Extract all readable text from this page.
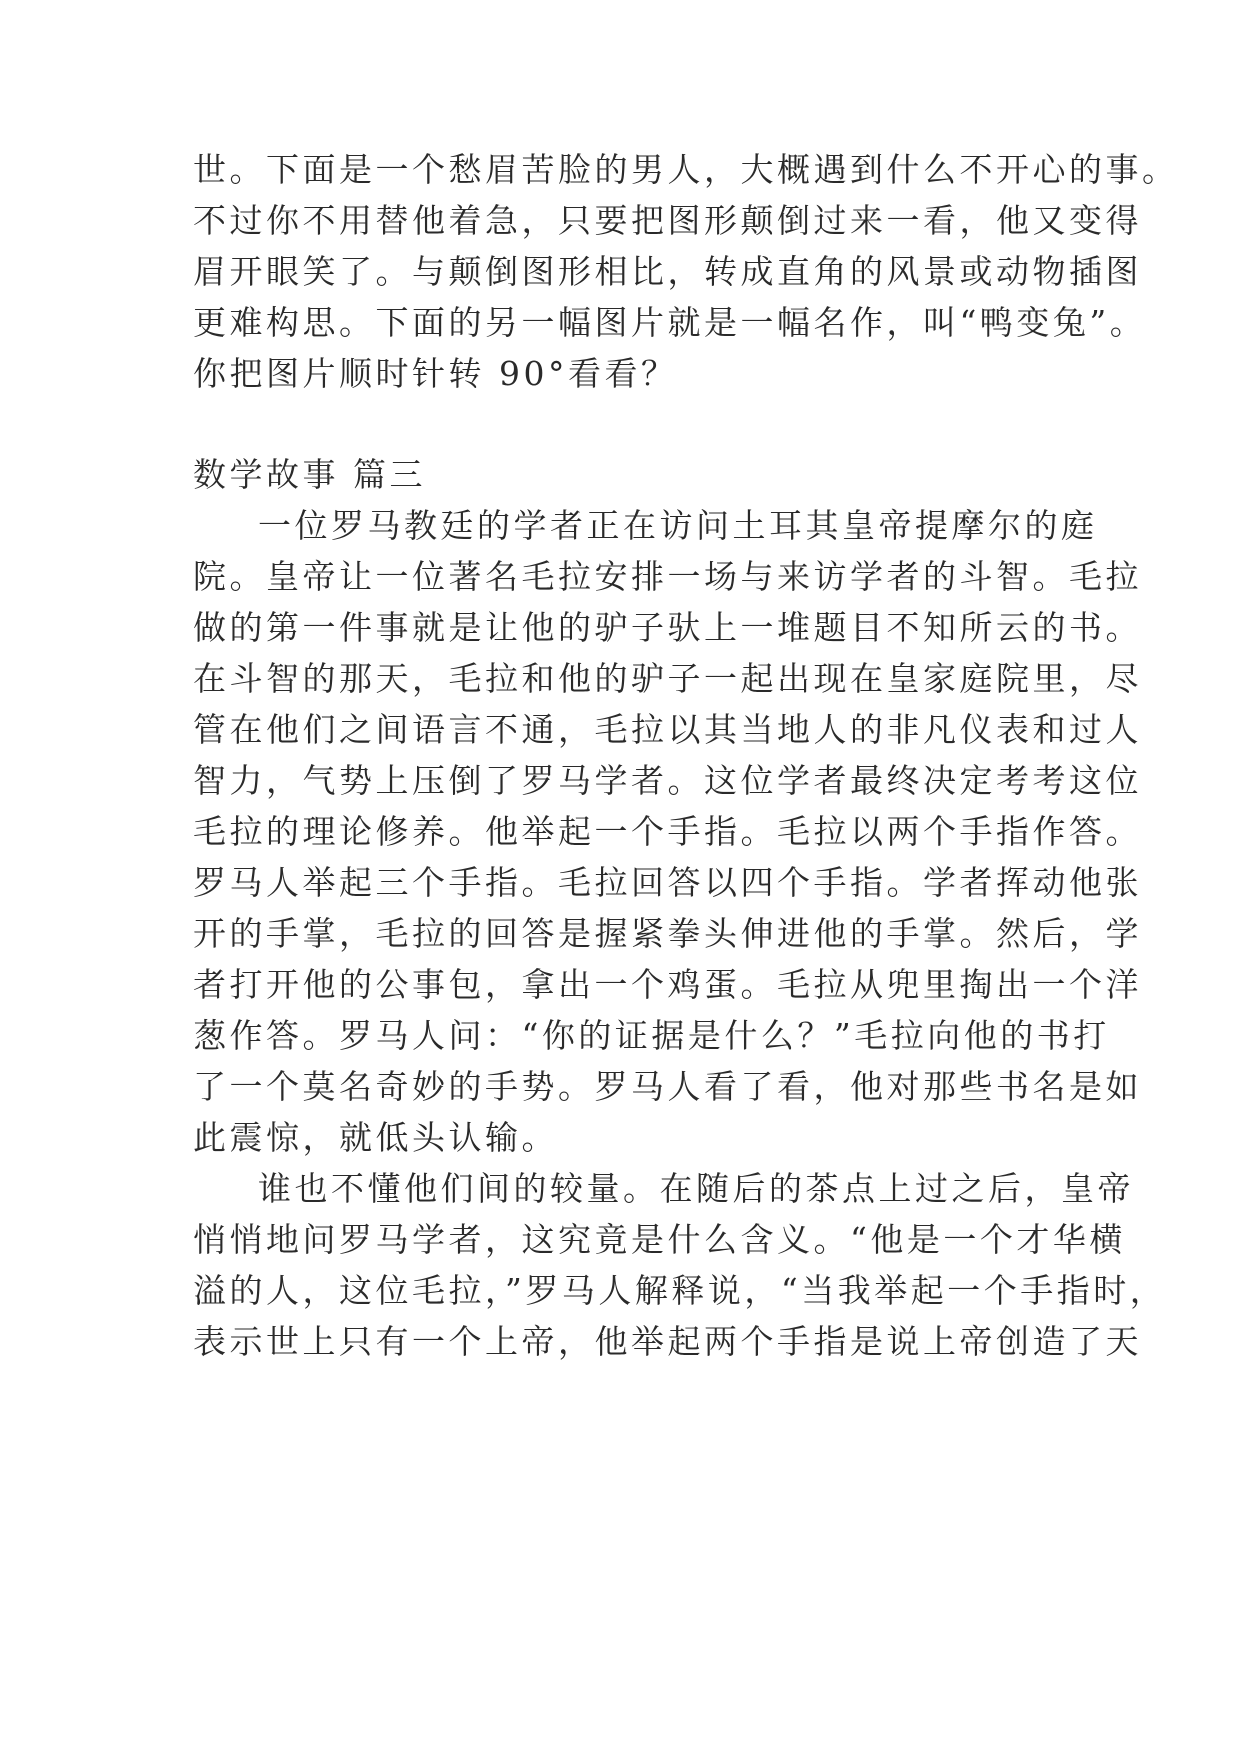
世。下面是一个愁眉苦脸的男人，大概遇到什么不开心的事。

不过你不用替他着急，只要把图形颠倒过来一看，他又变得

眉开眼笑了。与颠倒图形相比，转成直角的风景或动物插图

更难构思。下面的另一幅图片就是一幅名作，叫“鸭变兔”。

你把图片顺时针转 90°看看？

数学故事 篇三

一位罗马教廷的学者正在访问土耳其皇帝提摩尔的庭

院。皇帝让一位著名毛拉安排一场与来访学者的斗智。毛拉

做的第一件事就是让他的驴子驮上一堆题目不知所云的书。

在斗智的那天，毛拉和他的驴子一起出现在皇家庭院里，尽

管在他们之间语言不通，毛拉以其当地人的非凡仪表和过人

智力，气势上压倒了罗马学者。这位学者最终决定考考这位

毛拉的理论修养。他举起一个手指。毛拉以两个手指作答。

罗马人举起三个手指。毛拉回答以四个手指。学者挥动他张

开的手掌，毛拉的回答是握紧拳头伸进他的手掌。然后，学

者打开他的公事包，拿出一个鸡蛋。毛拉从兜里掏出一个洋

葱作答。罗马人问：“你的证据是什么？”毛拉向他的书打

了一个莫名奇妙的手势。罗马人看了看，他对那些书名是如

此震惊，就低头认输。

谁也不懂他们间的较量。在随后的茶点上过之后，皇帝

悄悄地问罗马学者，这究竟是什么含义。“他是一个才华横

溢的人，这位毛拉，”罗马人解释说，“当我举起一个手指时，

表示世上只有一个上帝，他举起两个手指是说上帝创造了天
